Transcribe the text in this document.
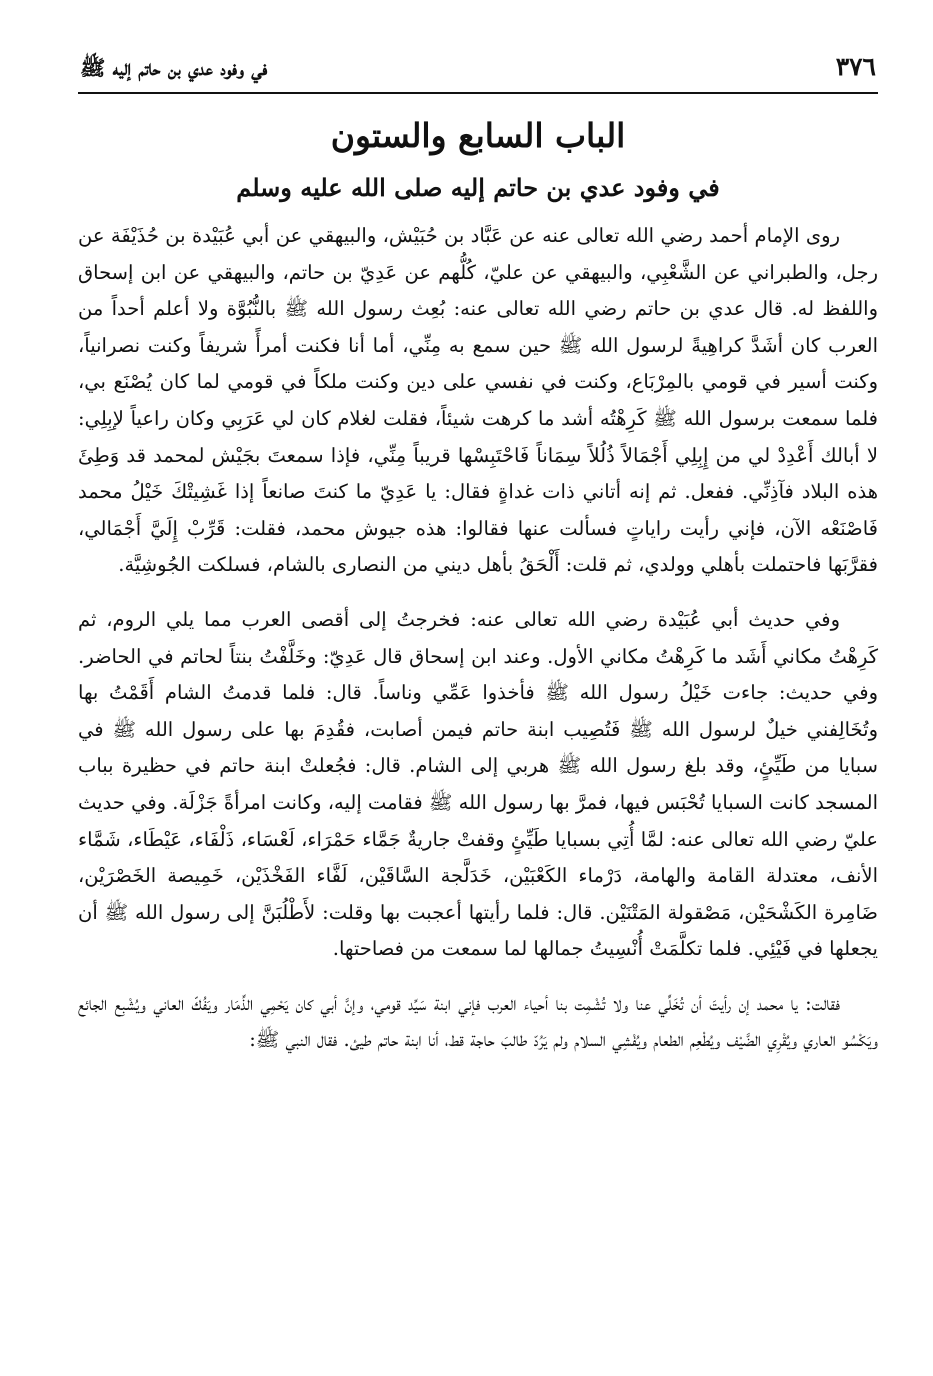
٣٧٦
في وفود عدي بن حاتم إليه ﷺ
الباب السابع والستون
في وفود عدي بن حاتم إليه صلى الله عليه وسلم

روى الإمام أحمد رضي الله تعالى عنه عن عَبَّاد بن حُبَيْش، والبيهقي عن أبي عُبَيْدة بن حُذَيْفَة عن رجل، والطبراني عن الشَّعْبِي، والبيهقي عن عليّ، كُلُّهم عن عَدِيّ بن حاتم، والبيهقي عن ابن إسحاق واللفظ له. قال عدي بن حاتم رضي الله تعالى عنه: بُعِث رسول الله ﷺ بالنُّبُوَّة ولا أعلم أحداً من العرب كان أشَدَّ كراهِيةً لرسول الله ﷺ حين سمع به مِنِّي، أما أنا فكنت أمرأً شريفاً وكنت نصرانياً، وكنت أسير في قومي بالمِرْبَاع، وكنت في نفسي على دين وكنت ملكاً في قومي لما كان يُصْنَع بي، فلما سمعت برسول الله ﷺ كَرِهْتُه أشد ما كرهت شيئاً، فقلت لغلام كان لي عَرَبِي وكان راعياً لإبِلِي: لا أبالك أَعْدِدْ لي من إِبِلِي أَجْمَالاً ذُلُلاً سِمَاناً فَاحْتَبِسْها قريباً مِنِّي، فإذا سمعتَ بجَيْش لمحمد قد وَطِئَ هذه البلاد فآذِنِّي. ففعل. ثم إنه أتاني ذات غداةٍ فقال: يا عَدِيّ ما كنتَ صانعاً إذا غَشِيتْكَ خَيْلُ محمد فَاصْنَعْه الآن، فإني رأيت راياتٍ فسألت عنها فقالوا: هذه جيوش محمد، فقلت: قَرِّبْ إِلَيَّ أَجْمَالي، فقرَّبَها فاحتملت بأهلي وولدي، ثم قلت: أَلْحَقُ بأهل ديني من النصارى بالشام، فسلكت الجُوشِيَّة.

وفي حديث أبي عُبَيْدة رضي الله تعالى عنه: فخرجتُ إلى أقصى العرب مما يلي الروم، ثم كَرِهْتُ مكاني أَشَد ما كَرِهْتُ مكاني الأول. وعند ابن إسحاق قال عَدِيّ: وخَلَّفْتُ بنتاً لحاتم في الحاضر. وفي حديث: جاءت خَيْلُ رسول الله ﷺ فأخذوا عَمِّي وناساً. قال: فلما قدمتُ الشام أَقَمْتُ بها وتُخَالِفني خيلٌ لرسول الله ﷺ فَتُصِيب ابنة حاتم فيمن أصابت، فقُدِمَ بها على رسول الله ﷺ في سبايا من طَيِّئٍ، وقد بلغ رسول الله ﷺ هربي إلى الشام. قال: فجُعلتْ ابنة حاتم في حظيرة بباب المسجد كانت السبايا تُحْبَس فيها، فمرَّ بها رسول الله ﷺ فقامت إليه، وكانت امرأةً جَزْلَة. وفي حديث عليّ رضي الله تعالى عنه: لمَّا أُتِي بسبايا طَيِّئٍ وقفتْ جاريةٌ جَمَّاء حَمْرَاء، لَعْسَاء، ذَلْفَاء، عَيْطَاء، شَمَّاء الأنف، معتدلة القامة والهامة، دَرْماء الكَعْبَيْن، خَدَلَّجة السَّاقَيْن، لَفَّاء الفَخْذَيْن، خَمِيصة الخَصْرَيْن، ضَامِرة الكَشْحَيْن، مَصْقولة المَتْنَيْن. قال: فلما رأيتها أعجبت بها وقلت: لأَطْلُبَنَّ إلى رسول الله ﷺ أن يجعلها في فَيْئِي. فلما تكلَّمَتْ أُنْسِيتُ جمالها لما سمعت من فصاحتها.

فقالت: يا محمد إن رأيتَ أن تُخَلِّي عنا ولا تُشْمِت بنا أحياء العرب فإني ابنة سَيِّد قومي، وإنَّ أبي كان يَحْمِي الذِّمَار ويَفُكّ العاني ويُشْبِع الجائع ويَكْسُو العاري ويُقْرِي الضَّيْف ويُطْعِم الطعام ويُفْشِي السلام ولم يَرُدّ طالبَ حاجة قط، أنا ابنة حاتم طيئ. فقال النبي ﷺ:
